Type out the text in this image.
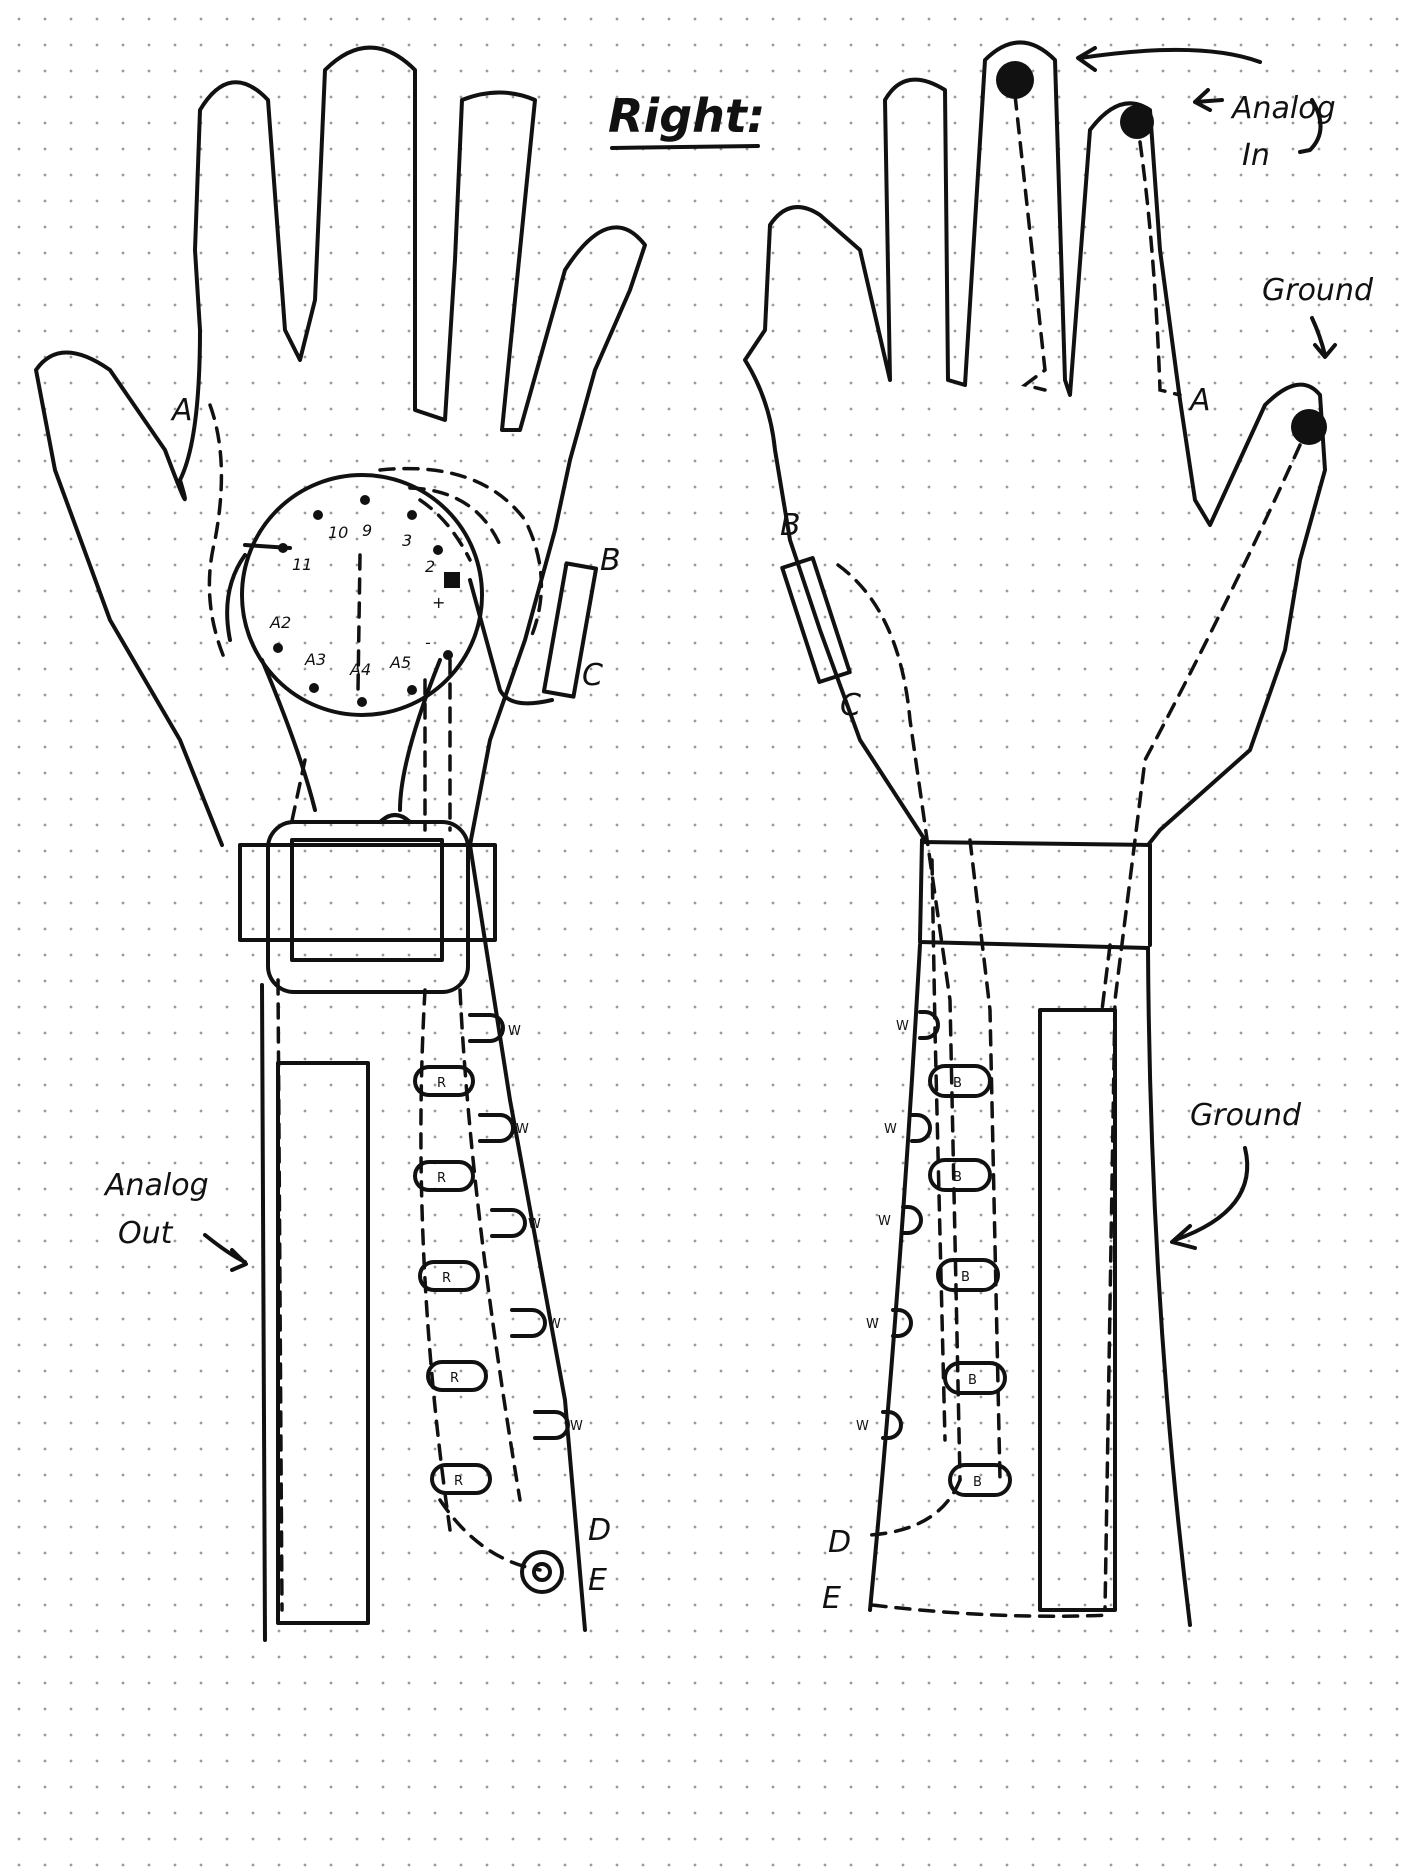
Right:
10 9
3
11	2
+
A2
A3
A4 A5
-
R
R
R
R
R
W
W
W
W
W
A
B
C
D
E
Analog
Out
B
B
B
B
B
W
W
W
W
W
A
B
C
D
E
Analog
In
Ground
Ground
